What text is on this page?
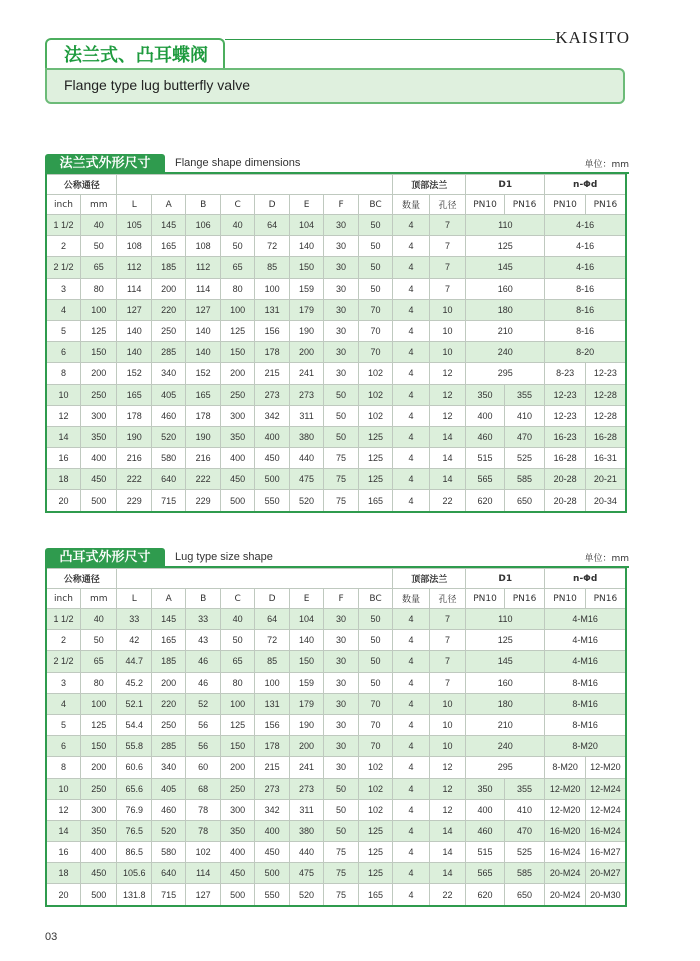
KAISITO
法兰式、凸耳蝶阀
Flange type lug butterfly valve
法兰式外形尺寸	Flange shape dimensions	单位：mm
公称通径										顶部法兰		D1		n-Φd	
inch	mm	L	A	B	C	D	E	F	BC	数量	孔径	PN10	PN16	PN10	PN16
1 1/2	40	105	145	106	40	64	104	30	50	4	7	110		4-16	
2	50	108	165	108	50	72	140	30	50	4	7	125		4-16	
2 1/2	65	112	185	112	65	85	150	30	50	4	7	145		4-16	
3	80	114	200	114	80	100	159	30	50	4	7	160		8-16	
4	100	127	220	127	100	131	179	30	70	4	10	180		8-16	
5	125	140	250	140	125	156	190	30	70	4	10	210		8-16	
6	150	140	285	140	150	178	200	30	70	4	10	240		8-20	
8	200	152	340	152	200	215	241	30	102	4	12	295		8-23	12-23
10	250	165	405	165	250	273	273	50	102	4	12	350	355	12-23	12-28
12	300	178	460	178	300	342	311	50	102	4	12	400	410	12-23	12-28
14	350	190	520	190	350	400	380	50	125	4	14	460	470	16-23	16-28
16	400	216	580	216	400	450	440	75	125	4	14	515	525	16-28	16-31
18	450	222	640	222	450	500	475	75	125	4	14	565	585	20-28	20-21
20	500	229	715	229	500	550	520	75	165	4	22	620	650	20-28	20-34
凸耳式外形尺寸	Lug type size shape	单位：mm
公称通径										顶部法兰		D1		n-Φd	
inch	mm	L	A	B	C	D	E	F	BC	数量	孔径	PN10	PN16	PN10	PN16
1 1/2	40	33	145	33	40	64	104	30	50	4	7	110		4-M16	
2	50	42	165	43	50	72	140	30	50	4	7	125		4-M16	
2 1/2	65	44.7	185	46	65	85	150	30	50	4	7	145		4-M16	
3	80	45.2	200	46	80	100	159	30	50	4	7	160		8-M16	
4	100	52.1	220	52	100	131	179	30	70	4	10	180		8-M16	
5	125	54.4	250	56	125	156	190	30	70	4	10	210		8-M16	
6	150	55.8	285	56	150	178	200	30	70	4	10	240		8-M20	
8	200	60.6	340	60	200	215	241	30	102	4	12	295		8-M20	12-M20
10	250	65.6	405	68	250	273	273	50	102	4	12	350	355	12-M20	12-M24
12	300	76.9	460	78	300	342	311	50	102	4	12	400	410	12-M20	12-M24
14	350	76.5	520	78	350	400	380	50	125	4	14	460	470	16-M20	16-M24
16	400	86.5	580	102	400	450	440	75	125	4	14	515	525	16-M24	16-M27
18	450	105.6	640	114	450	500	475	75	125	4	14	565	585	20-M24	20-M27
20	500	131.8	715	127	500	550	520	75	165	4	22	620	650	20-M24	20-M30
03
